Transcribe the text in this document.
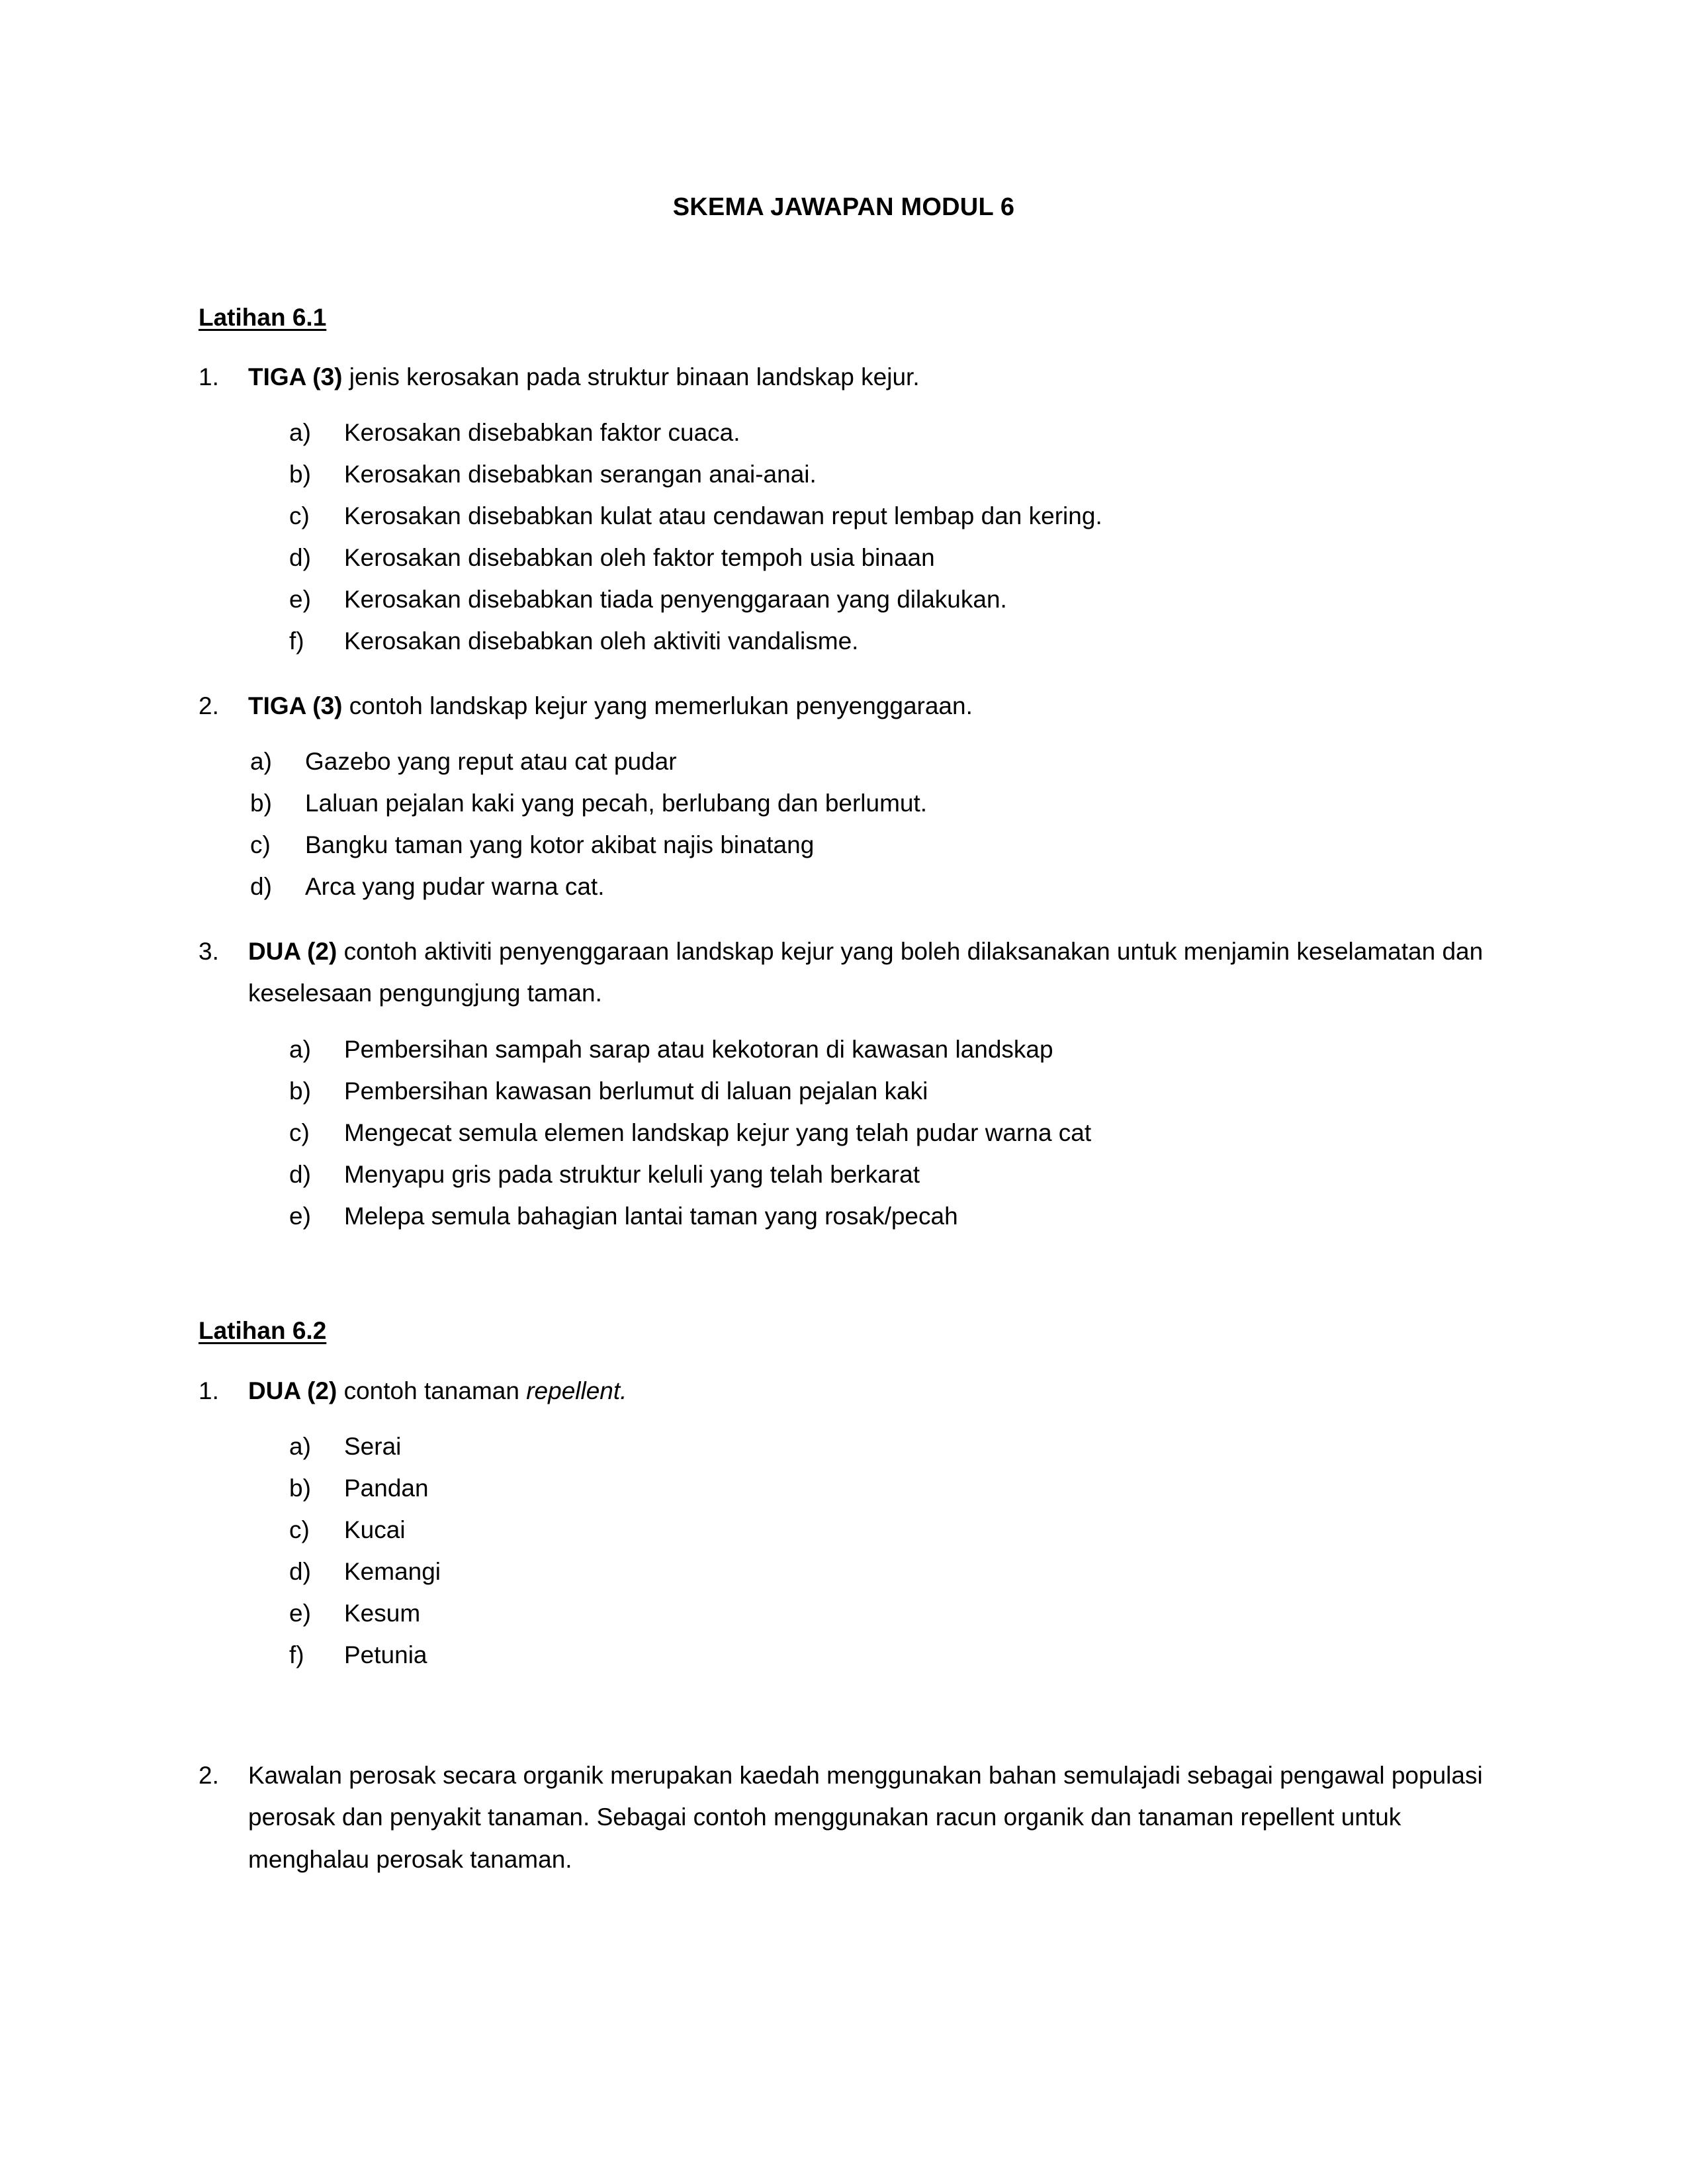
SKEMA JAWAPAN MODUL 6
Latihan 6.1
1.	TIGA (3) jenis kerosakan pada struktur binaan landskap kejur.
a)	Kerosakan disebabkan faktor cuaca.
b)	Kerosakan disebabkan serangan anai-anai.
c)	Kerosakan disebabkan kulat atau cendawan reput lembap dan kering.
d)	Kerosakan disebabkan oleh faktor tempoh usia binaan
e)	Kerosakan disebabkan tiada penyenggaraan yang dilakukan.
f)	Kerosakan disebabkan oleh aktiviti vandalisme.
2.	TIGA (3) contoh landskap kejur yang memerlukan penyenggaraan.
a)	Gazebo yang reput atau cat pudar
b)	Laluan pejalan kaki yang pecah, berlubang dan berlumut.
c)	Bangku taman yang kotor akibat najis binatang
d)	Arca yang pudar warna cat.
3.	DUA (2) contoh aktiviti penyenggaraan landskap kejur yang boleh dilaksanakan untuk menjamin keselamatan dan keselesaan pengungjung taman.
a)	Pembersihan sampah sarap atau kekotoran di kawasan landskap
b)	Pembersihan kawasan berlumut di laluan pejalan kaki
c)	Mengecat semula elemen landskap kejur yang telah pudar warna cat
d)	Menyapu gris pada struktur keluli yang telah berkarat
e)	Melepa semula bahagian lantai taman yang rosak/pecah
Latihan 6.2
1.	DUA (2) contoh tanaman repellent.
a)	Serai
b)	Pandan
c)	Kucai
d)	Kemangi
e)	Kesum
f)	Petunia
2.	Kawalan perosak secara organik merupakan kaedah menggunakan bahan semulajadi sebagai pengawal populasi perosak dan penyakit tanaman. Sebagai contoh menggunakan racun organik dan tanaman repellent untuk menghalau perosak tanaman.
